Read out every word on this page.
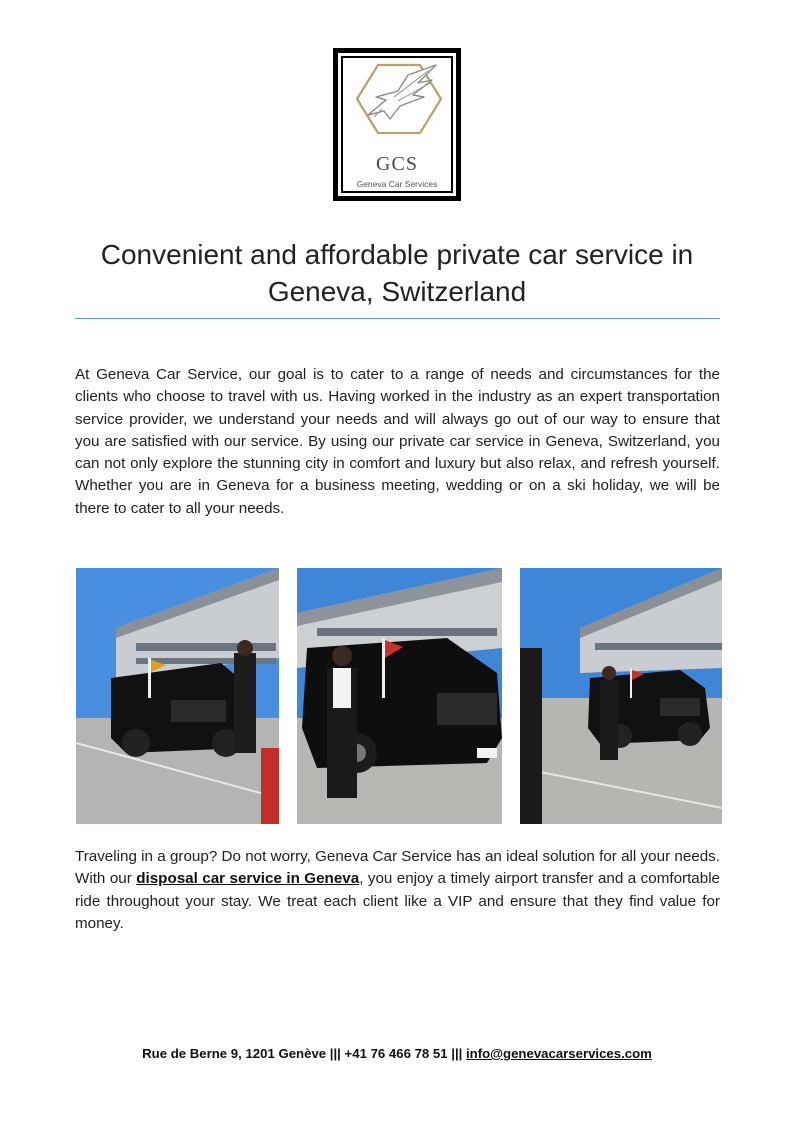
GCS
Geneva Car Services
Convenient and affordable private car service in Geneva, Switzerland

At Geneva Car Service, our goal is to cater to a range of needs and circumstances for the clients who choose to travel with us. Having worked in the industry as an expert transportation service provider, we understand your needs and will always go out of our way to ensure that you are satisfied with our service. By using our private car service in Geneva, Switzerland, you can not only explore the stunning city in comfort and luxury but also relax, and refresh yourself. Whether you are in Geneva for a business meeting, wedding or on a ski holiday, we will be there to cater to all your needs.

Traveling in a group? Do not worry, Geneva Car Service has an ideal solution for all your needs. With our disposal car service in Geneva, you enjoy a timely airport transfer and a comfortable ride throughout your stay. We treat each client like a VIP and ensure that they find value for money.

Rue de Berne 9, 1201 Genève ||| +41 76 466 78 51 ||| info@genevacarservices.com
